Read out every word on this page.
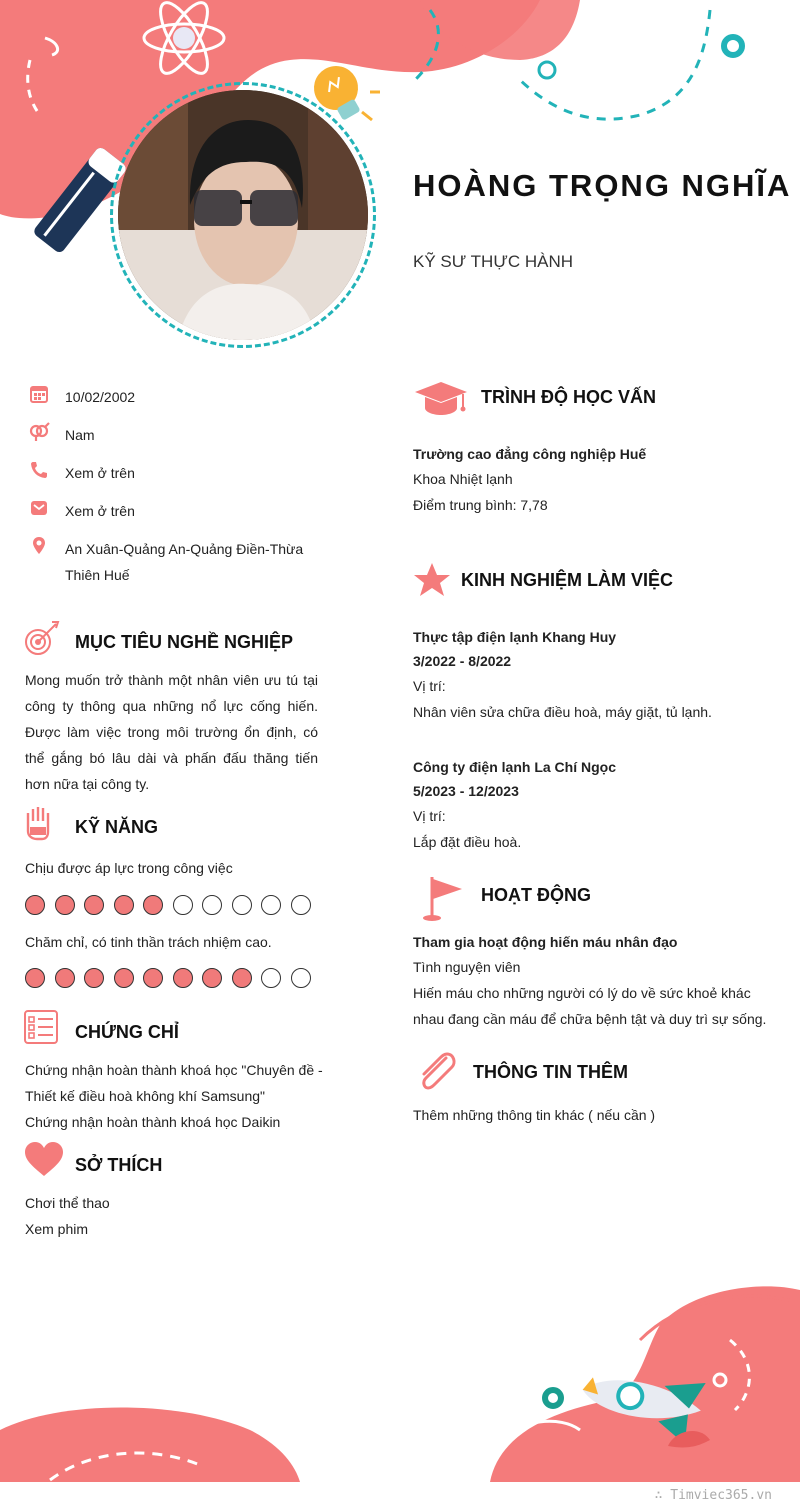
HOÀNG TRỌNG NGHĨA
KỸ SƯ THỰC HÀNH
10/02/2002
Nam
Xem ở trên
Xem ở trên
An Xuân-Quảng An-Quảng Điền-Thừa Thiên Huế
MỤC TIÊU NGHỀ NGHIỆP
Mong muốn trở thành một nhân viên ưu tú tại công ty thông qua những nổ lực cống hiến. Được làm việc trong môi trường ổn định, có thể gắng bó lâu dài và phấn đấu thăng tiến hơn nữa tại công ty.
KỸ NĂNG
Chịu được áp lực trong công việc
Chăm chỉ, có tinh thần trách nhiệm cao.
CHỨNG CHỈ
Chứng nhận hoàn thành khoá học "Chuyên đề -
Thiết kế điều hoà không khí Samsung"
Chứng nhận hoàn thành khoá học Daikin
SỞ THÍCH
Chơi thể thao
Xem phim
TRÌNH ĐỘ HỌC VẤN
Trường cao đẳng công nghiệp Huế
Khoa Nhiệt lạnh
Điểm trung bình: 7,78
KINH NGHIỆM LÀM VIỆC
Thực tập điện lạnh Khang Huy
3/2022 - 8/2022
Vị trí:
Nhân viên sửa chữa điều hoà, máy giặt, tủ lạnh.
Công ty điện lạnh La Chí Ngọc
5/2023 - 12/2023
Vị trí:
Lắp đặt điều hoà.
HOẠT ĐỘNG
Tham gia hoạt động hiến máu nhân đạo
Tình nguyện viên
Hiến máu cho những người có lý do về sức khoẻ khác nhau đang cần máu để chữa bệnh tật và duy trì sự sống.
THÔNG TIN THÊM
Thêm những thông tin khác ( nếu cần )
∴ Timviec365.vn
